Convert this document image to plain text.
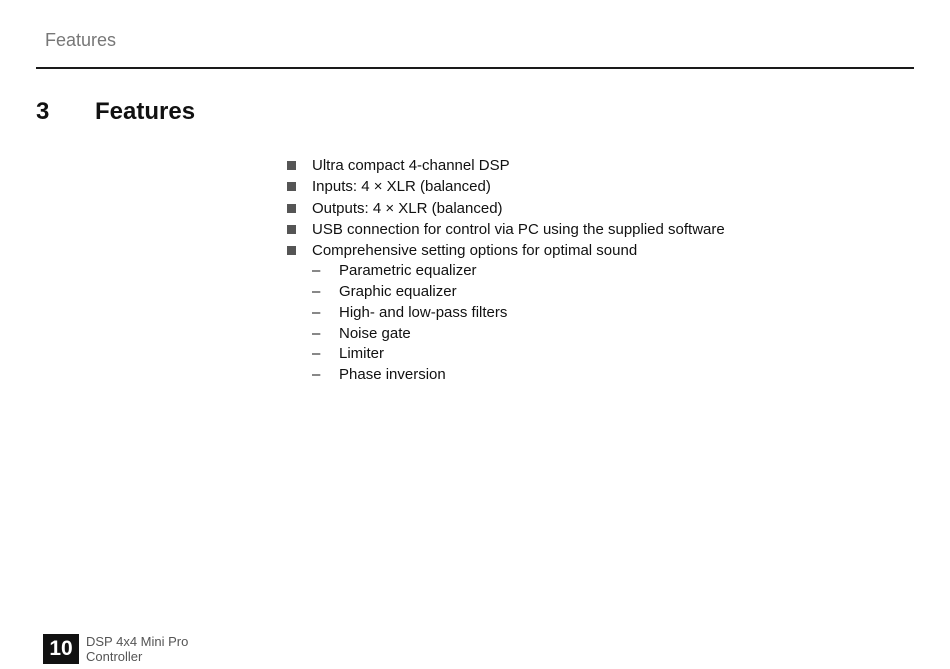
Features
3 Features
Ultra compact 4-channel DSP
Inputs: 4 × XLR (balanced)
Outputs: 4 × XLR (balanced)
USB connection for control via PC using the supplied software
Comprehensive setting options for optimal sound
– Parametric equalizer
– Graphic equalizer
– High- and low-pass filters
– Noise gate
– Limiter
– Phase inversion
10	DSP 4x4 Mini Pro
Controller
